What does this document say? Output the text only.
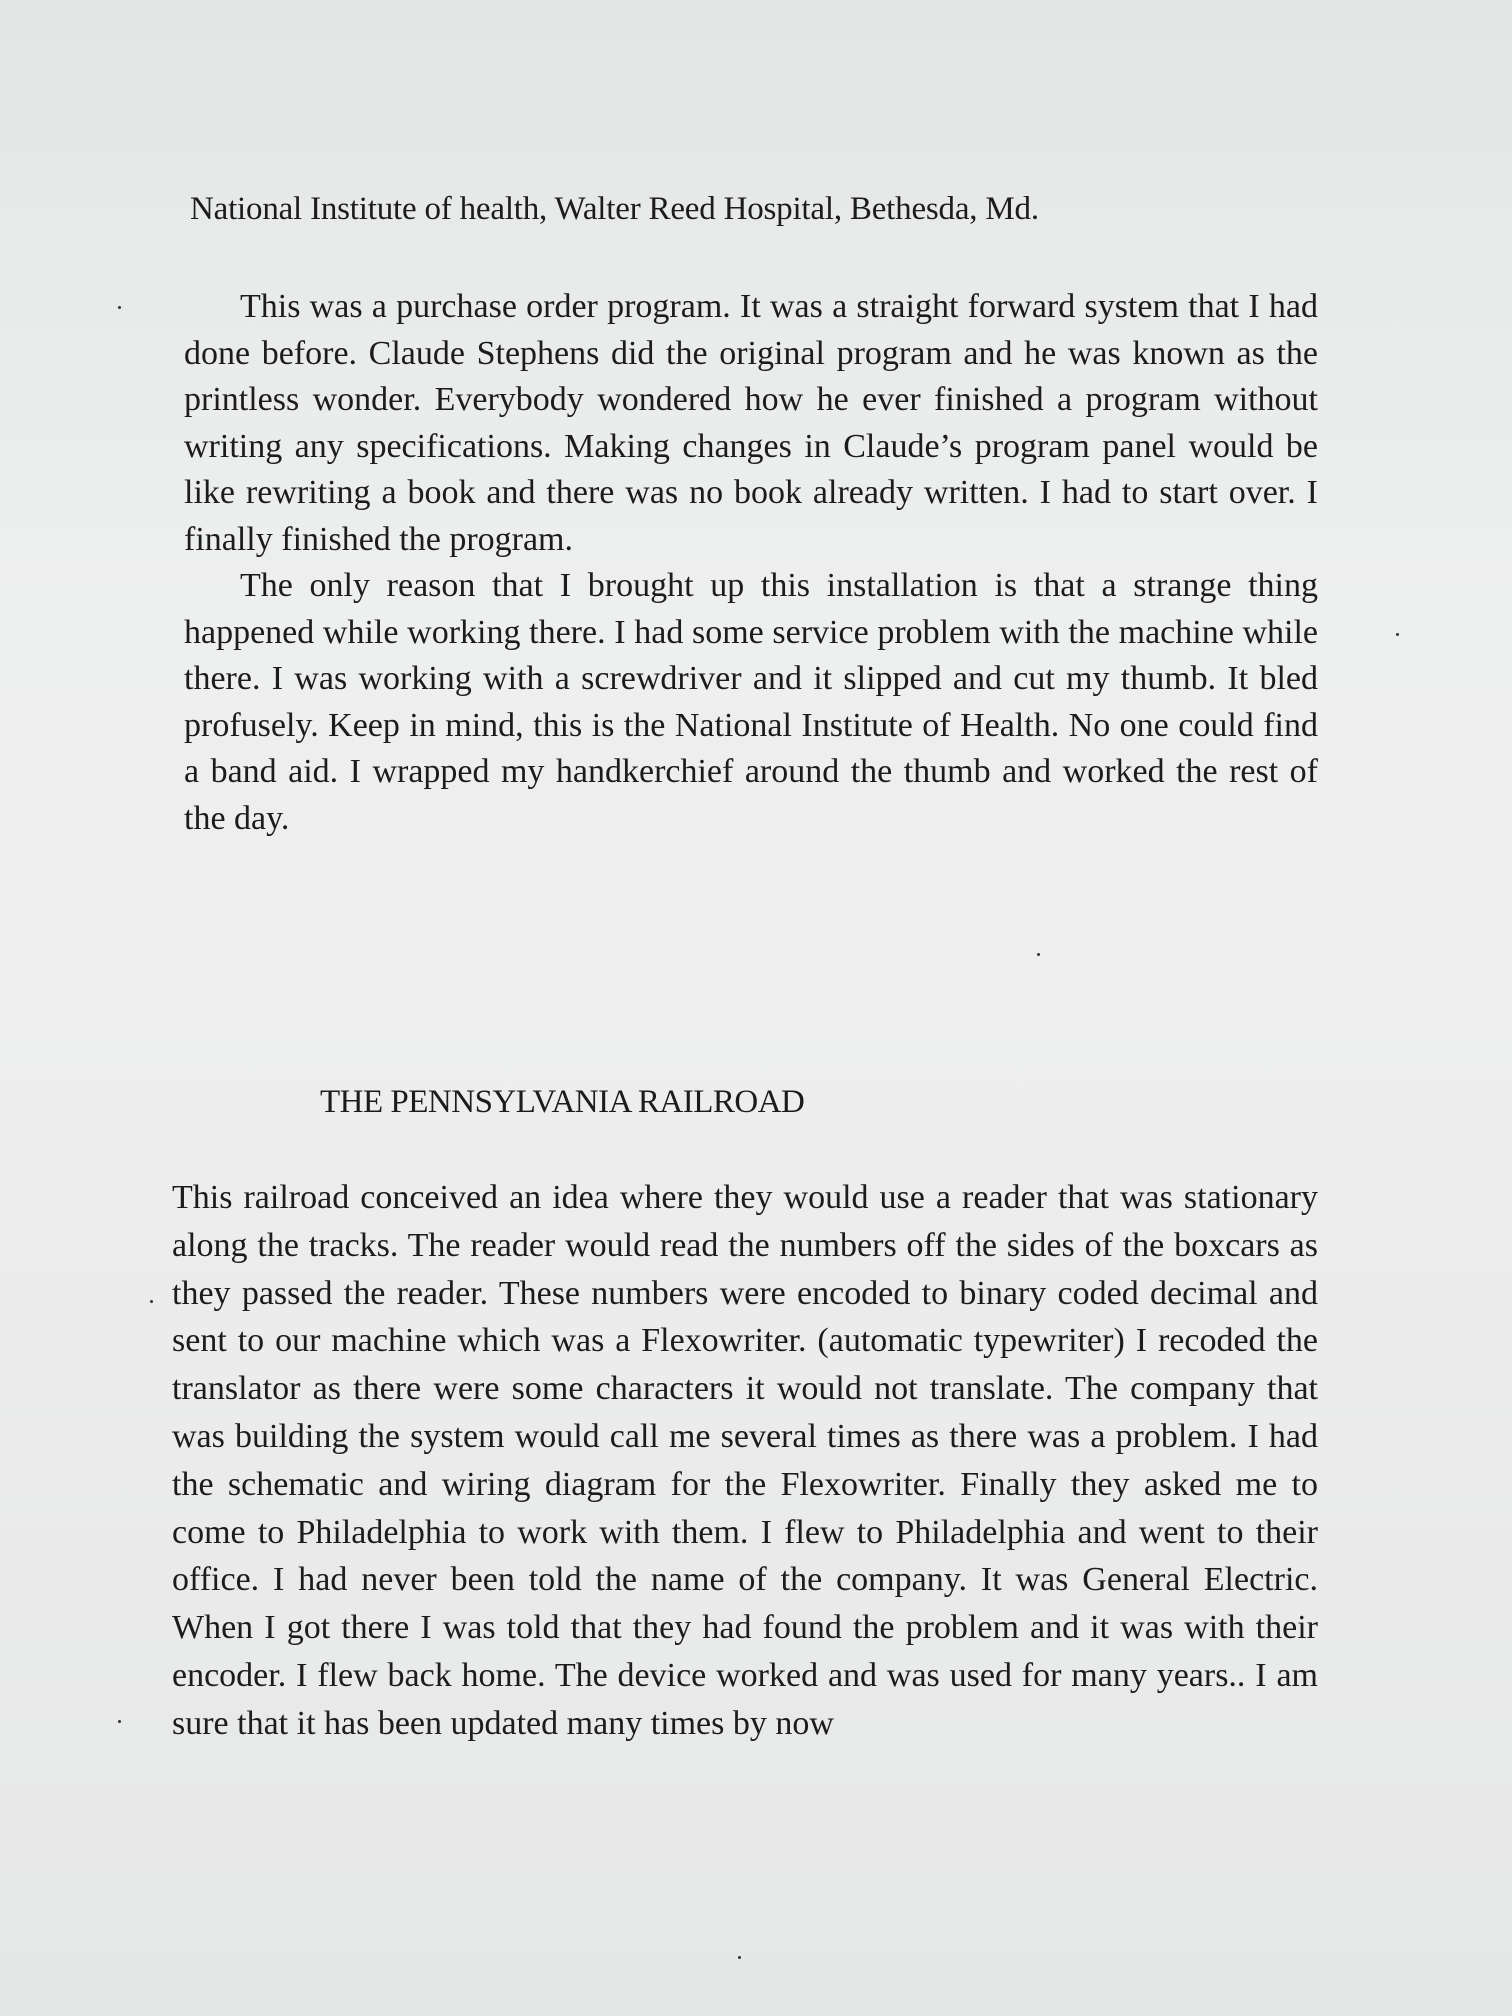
National Institute of health, Walter Reed Hospital, Bethesda, Md.

This was a purchase order program. It was a straight forward system that I had done before. Claude Stephens did the original program and he was known as the printless wonder. Everybody wondered how he ever finished a program without writing any specifications. Making changes in Claude’s program panel would be like rewriting a book and there was no book already written. I had to start over. I finally finished the program.

The only reason that I brought up this installation is that a strange thing happened while working there. I had some service problem with the machine while there. I was working with a screwdriver and it slipped and cut my thumb. It bled profusely. Keep in mind, this is the National Institute of Health. No one could find a band aid. I wrapped my handkerchief around the thumb and worked the rest of the day.

THE PENNSYLVANIA RAILROAD

This railroad conceived an idea where they would use a reader that was stationary along the tracks. The reader would read the numbers off the sides of the boxcars as they passed the reader. These numbers were encoded to binary coded decimal and sent to our machine which was a Flexowriter. (automatic typewriter) I recoded the translator as there were some characters it would not translate. The company that was building the system would call me several times as there was a problem. I had the schematic and wiring diagram for the Flexowriter. Finally they asked me to come to Philadelphia to work with them. I flew to Philadelphia and went to their office. I had never been told the name of the company. It was General Electric. When I got there I was told that they had found the problem and it was with their encoder. I flew back home. The device worked and was used for many years.. I am sure that it has been updated many times by now
